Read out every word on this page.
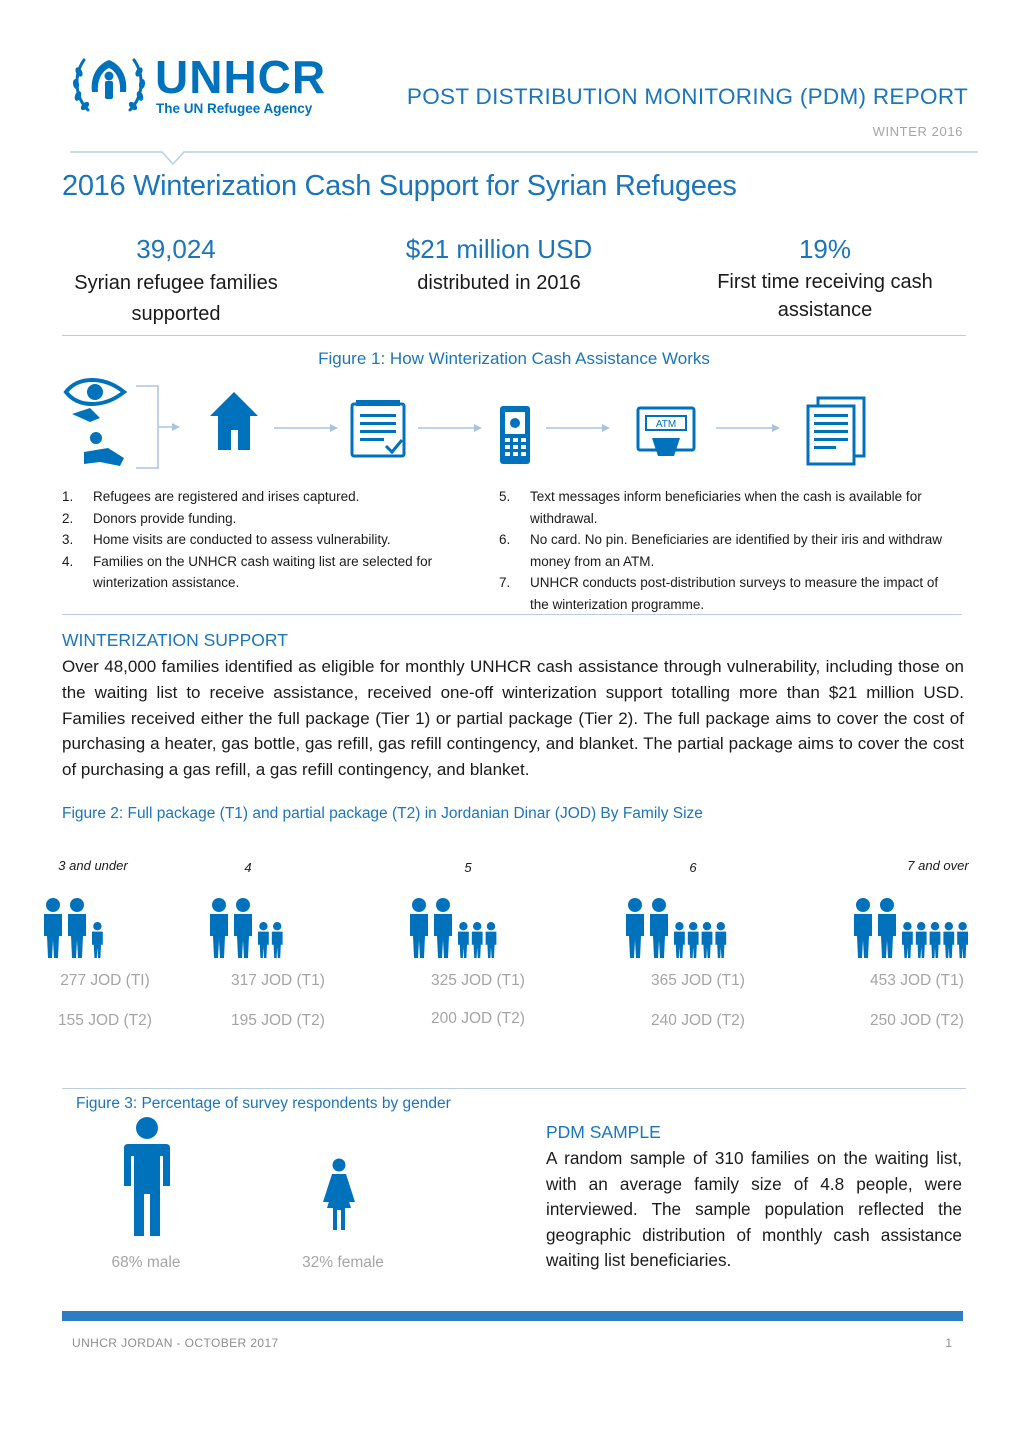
UNHCR
The UN Refugee Agency	POST DISTRIBUTION MONITORING (PDM) REPORT
WINTER 2016
2016 Winterization Cash Support for Syrian Refugees
39,024
Syrian refugee families
supported
$21 million USD
distributed in 2016

19%
First time receiving cash
assistance
Figure 1: How Winterization Cash Assistance Works
ATM
1. Refugees are registered and irises captured.
2. Donors provide funding.
3. Home visits are conducted to assess vulnerability.
4. Families on the UNHCR cash waiting list are selected for winterization assistance.
5. Text messages inform beneficiaries when the cash is available for withdrawal.
6. No card. No pin. Beneficiaries are identified by their iris and withdraw money from an ATM.
7. UNHCR conducts post-distribution surveys to measure the impact of the winterization programme.
WINTERIZATION SUPPORT
Over 48,000 families identified as eligible for monthly UNHCR cash assistance through vulnerability, including those on the waiting list to receive assistance, received one-off winterization support totalling more than $21 million USD. Families received either the full package (Tier 1) or partial package (Tier 2). The full package aims to cover the cost of purchasing a heater, gas bottle, gas refill, gas refill contingency, and blanket. The partial package aims to cover the cost of purchasing a gas refill, a gas refill contingency, and blanket.
Figure 2: Full package (T1) and partial package (T2) in Jordanian Dinar (JOD) By Family Size
3 and under	4	5	6	7 and over
277 JOD (TI)
155 JOD (T2)
317 JOD (T1)
195 JOD (T2)
325 JOD (T1)
200 JOD (T2)
365 JOD (T1)
240 JOD (T2)
453 JOD (T1)
250 JOD (T2)
Figure 3: Percentage of survey respondents by gender
68% male	32% female
PDM SAMPLE
A random sample of 310 families on the waiting list, with an average family size of 4.8 people, were interviewed. The sample population reflected the geographic distribution of monthly cash assistance waiting list beneficiaries.
UNHCR JORDAN - OCTOBER 2017	1
